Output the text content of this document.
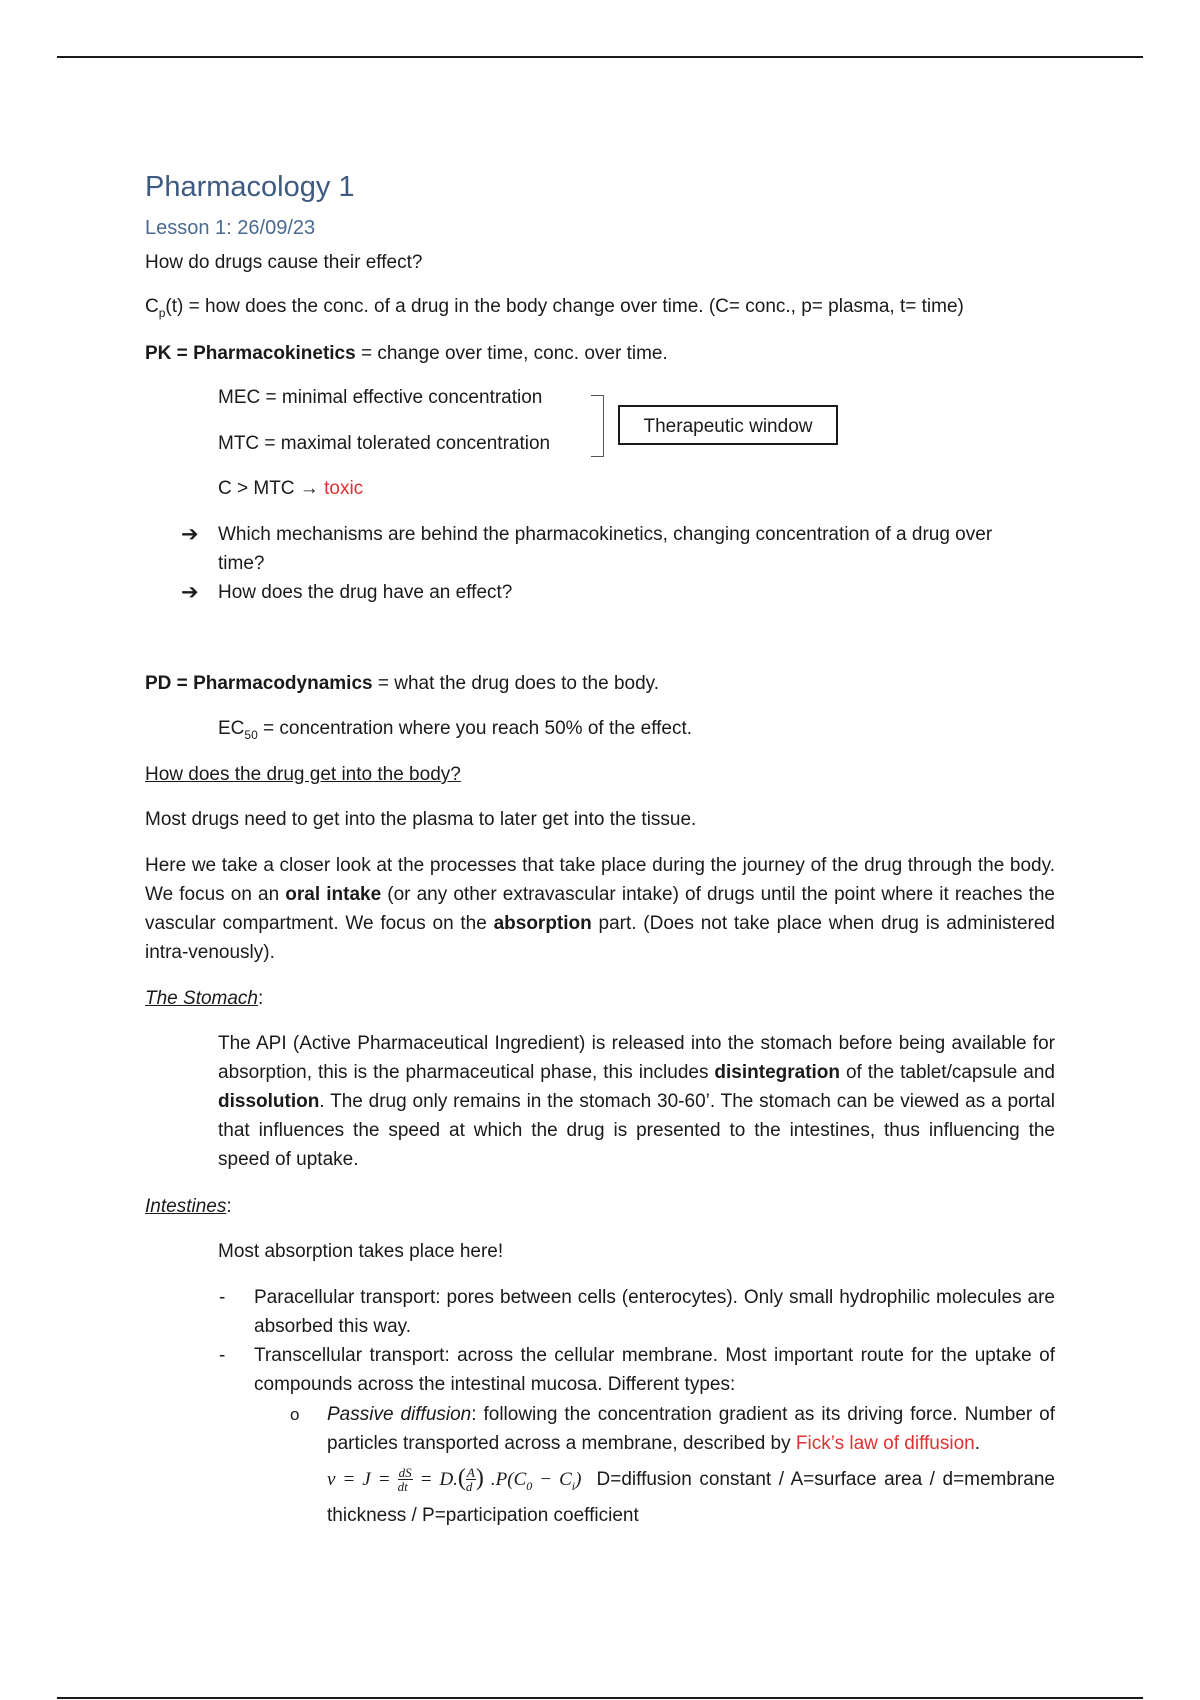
Pharmacology 1
Lesson 1: 26/09/23
How do drugs cause their effect?
$C_p(t)$ = how does the conc. of a drug in the body change over time. (C= conc., p= plasma, t= time)
PK = Pharmacokinetics = change over time, conc. over time.
MEC = minimal effective concentration
MTC = maximal tolerated concentration
Therapeutic window
C > MTC → toxic
➔ Which mechanisms are behind the pharmacokinetics, changing concentration of a drug over
time?
➔ How does the drug have an effect?
PD = Pharmacodynamics = what the drug does to the body.
$EC_{50}$ = concentration where you reach 50% of the effect.
How does the drug get into the body?
Most drugs need to get into the plasma to later get into the tissue.
Here we take a closer look at the processes that take place during the journey of the drug through the body. We focus on an oral intake (or any other extravascular intake) of drugs until the point where it reaches the vascular compartment. We focus on the absorption part. (Does not take place when drug is administered intra-venously).
The Stomach:
The API (Active Pharmaceutical Ingredient) is released into the stomach before being available for absorption, this is the pharmaceutical phase, this includes disintegration of the tablet/capsule and dissolution. The drug only remains in the stomach 30-60’. The stomach can be viewed as a portal that influences the speed at which the drug is presented to the intestines, thus influencing the speed of uptake.
Intestines:
Most absorption takes place here!
- Paracellular transport: pores between cells (enterocytes). Only small hydrophilic molecules are absorbed this way.
- Transcellular transport: across the cellular membrane. Most important route for the uptake of compounds across the intestinal mucosa. Different types:
o Passive diffusion: following the concentration gradient as its driving force. Number of particles transported across a membrane, described by Fick’s law of diffusion.
$v = J = \frac{dS}{dt} = D.( \frac{A}{d}$ ) $.P(C_0 - C_i)$ D=diffusion constant / A=surface area / d=membrane thickness / P=participation coefficient
